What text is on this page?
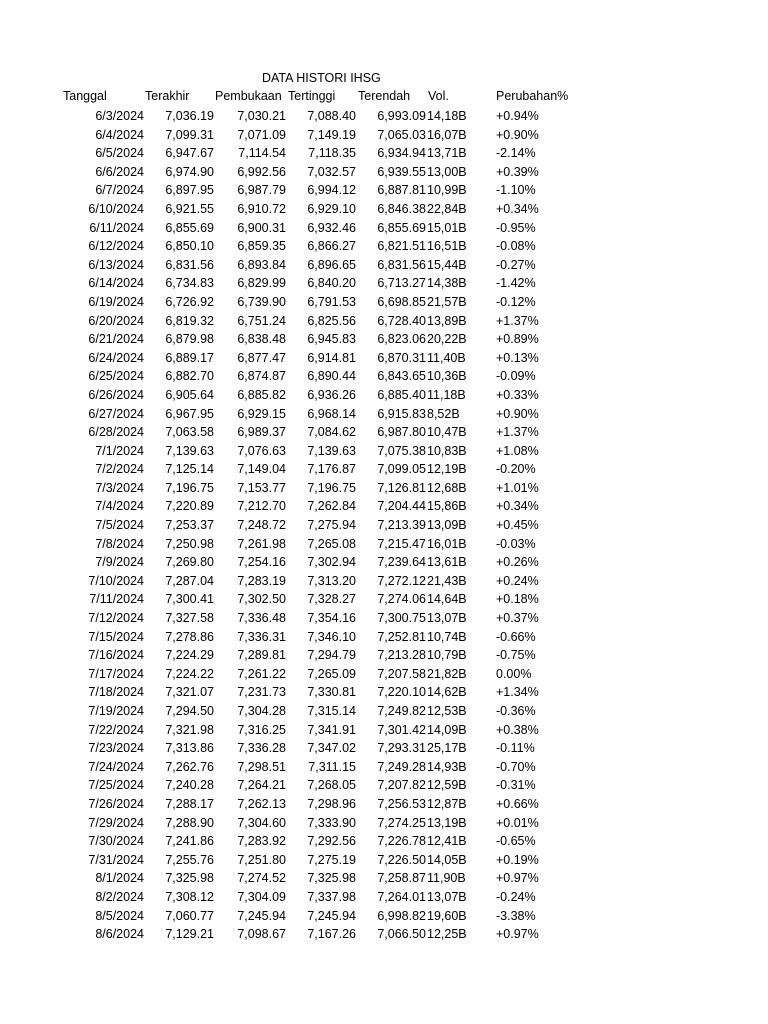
DATA HISTORI IHSG
Tanggal	Terakhir Pembukaan Tertinggi Terendah Vol.	Perubahan%
6/3/2024	7,036.19	7,030.21	7,088.40	6,993.09 14,18B	+0.94%
6/4/2024	7,099.31	7,071.09	7,149.19	7,065.03 16,07B	+0.90%
6/5/2024	6,947.67	7,114.54	7,118.35	6,934.94 13,71B	-2.14%
6/6/2024	6,974.90	6,992.56	7,032.57	6,939.55 13,00B	+0.39%
6/7/2024	6,897.95	6,987.79	6,994.12	6,887.81 10,99B	-1.10%
6/10/2024	6,921.55	6,910.72	6,929.10	6,846.38 22,84B	+0.34%
6/11/2024	6,855.69	6,900.31	6,932.46	6,855.69 15,01B	-0.95%
6/12/2024	6,850.10	6,859.35	6,866.27	6,821.51 16,51B	-0.08%
6/13/2024	6,831.56	6,893.84	6,896.65	6,831.56 15,44B	-0.27%
6/14/2024	6,734.83	6,829.99	6,840.20	6,713.27 14,38B	-1.42%
6/19/2024	6,726.92	6,739.90	6,791.53	6,698.85 21,57B	-0.12%
6/20/2024	6,819.32	6,751.24	6,825.56	6,728.40 13,89B	+1.37%
6/21/2024	6,879.98	6,838.48	6,945.83	6,823.06 20,22B	+0.89%
6/24/2024	6,889.17	6,877.47	6,914.81	6,870.31 11,40B	+0.13%
6/25/2024	6,882.70	6,874.87	6,890.44	6,843.65 10,36B	-0.09%
6/26/2024	6,905.64	6,885.82	6,936.26	6,885.40 11,18B	+0.33%
6/27/2024	6,967.95	6,929.15	6,968.14	6,915.83 8,52B	+0.90%
6/28/2024	7,063.58	6,989.37	7,084.62	6,987.80 10,47B	+1.37%
7/1/2024	7,139.63	7,076.63	7,139.63	7,075.38 10,83B	+1.08%
7/2/2024	7,125.14	7,149.04	7,176.87	7,099.05 12,19B	-0.20%
7/3/2024	7,196.75	7,153.77	7,196.75	7,126.81 12,68B	+1.01%
7/4/2024	7,220.89	7,212.70	7,262.84	7,204.44 15,86B	+0.34%
7/5/2024	7,253.37	7,248.72	7,275.94	7,213.39 13,09B	+0.45%
7/8/2024	7,250.98	7,261.98	7,265.08	7,215.47 16,01B	-0.03%
7/9/2024	7,269.80	7,254.16	7,302.94	7,239.64 13,61B	+0.26%
7/10/2024	7,287.04	7,283.19	7,313.20	7,272.12 21,43B	+0.24%
7/11/2024	7,300.41	7,302.50	7,328.27	7,274.06 14,64B	+0.18%
7/12/2024	7,327.58	7,336.48	7,354.16	7,300.75 13,07B	+0.37%
7/15/2024	7,278.86	7,336.31	7,346.10	7,252.81 10,74B	-0.66%
7/16/2024	7,224.29	7,289.81	7,294.79	7,213.28 10,79B	-0.75%
7/17/2024	7,224.22	7,261.22	7,265.09	7,207.58 21,82B	0.00%
7/18/2024	7,321.07	7,231.73	7,330.81	7,220.10 14,62B	+1.34%
7/19/2024	7,294.50	7,304.28	7,315.14	7,249.82 12,53B	-0.36%
7/22/2024	7,321.98	7,316.25	7,341.91	7,301.42 14,09B	+0.38%
7/23/2024	7,313.86	7,336.28	7,347.02	7,293.31 25,17B	-0.11%
7/24/2024	7,262.76	7,298.51	7,311.15	7,249.28 14,93B	-0.70%
7/25/2024	7,240.28	7,264.21	7,268.05	7,207.82 12,59B	-0.31%
7/26/2024	7,288.17	7,262.13	7,298.96	7,256.53 12,87B	+0.66%
7/29/2024	7,288.90	7,304.60	7,333.90	7,274.25 13,19B	+0.01%
7/30/2024	7,241.86	7,283.92	7,292.56	7,226.78 12,41B	-0.65%
7/31/2024	7,255.76	7,251.80	7,275.19	7,226.50 14,05B	+0.19%
8/1/2024	7,325.98	7,274.52	7,325.98	7,258.87 11,90B	+0.97%
8/2/2024	7,308.12	7,304.09	7,337.98	7,264.01 13,07B	-0.24%
8/5/2024	7,060.77	7,245.94	7,245.94	6,998.82 19,60B	-3.38%
8/6/2024	7,129.21	7,098.67	7,167.26	7,066.50 12,25B	+0.97%
